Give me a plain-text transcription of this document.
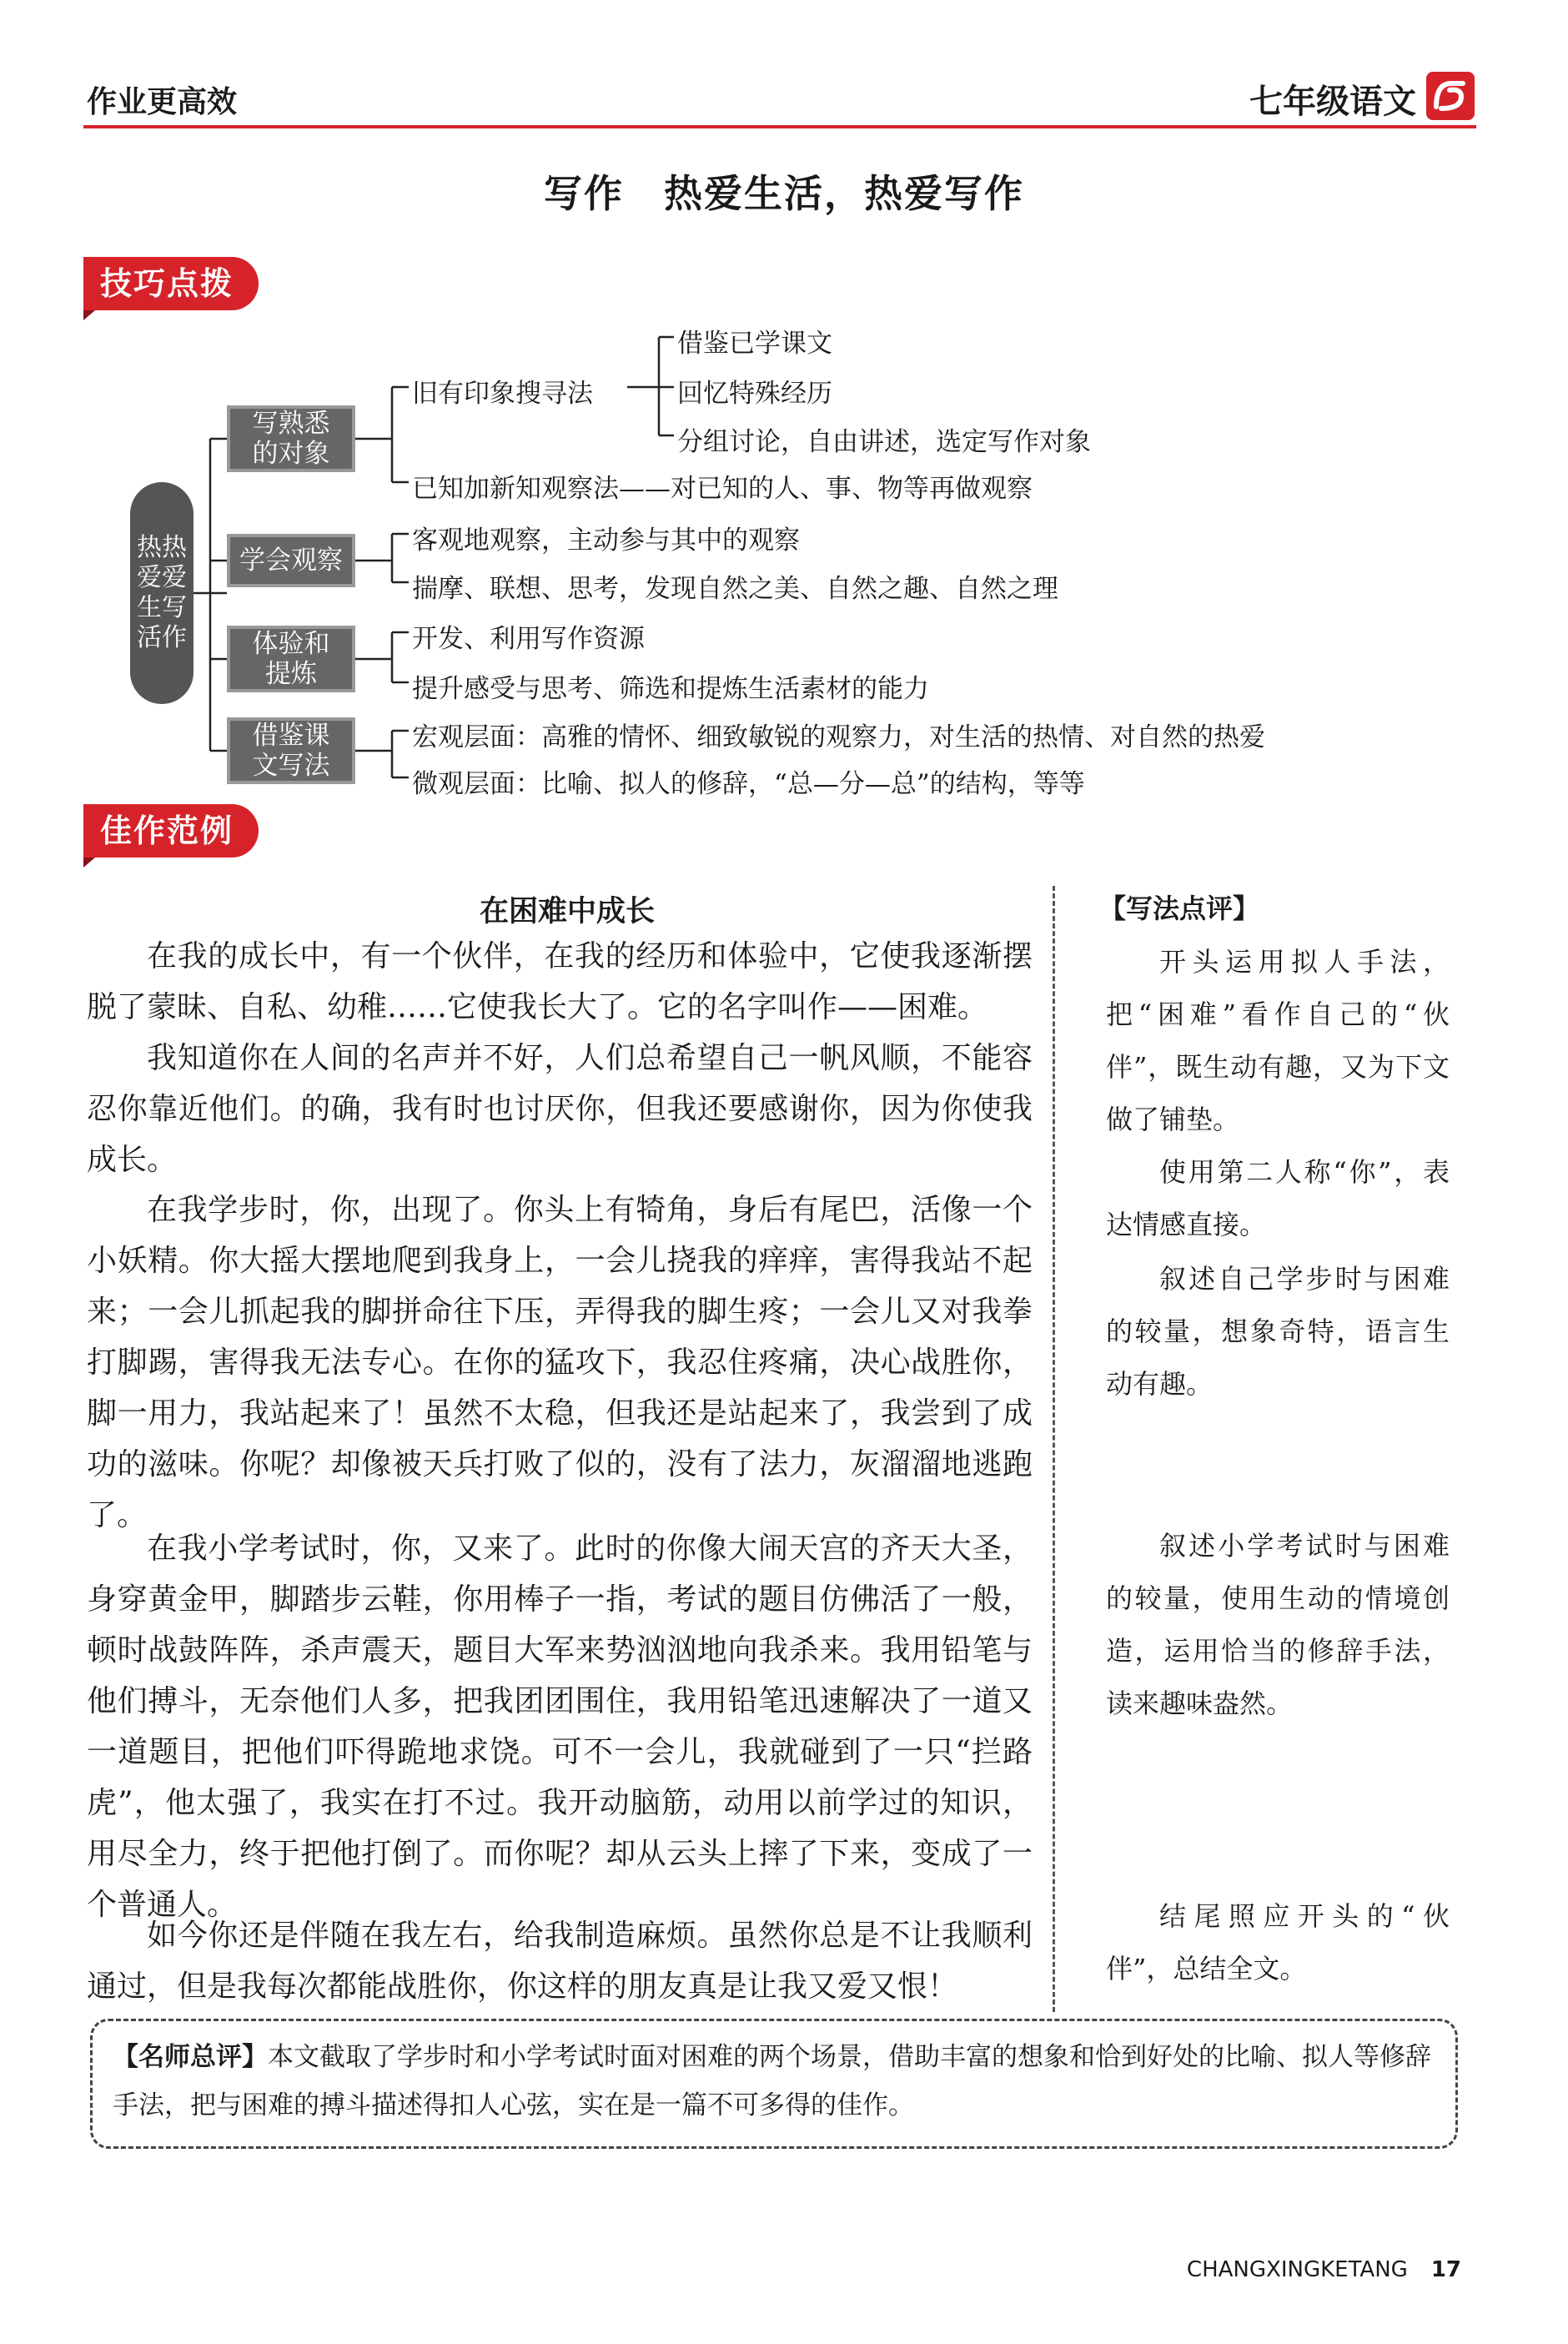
作业更高效	七年级语文
写作　热爱生活，热爱写作
技巧点拨
热热
爱爱
生写
活作
写熟悉
的对象
学会观察
体验和
提炼
借鉴课
文写法
旧有印象搜寻法
借鉴已学课文
回忆特殊经历
分组讨论，自由讲述，选定写作对象
已知加新知观察法——对已知的人、事、物等再做观察
客观地观察，主动参与其中的观察
揣摩、联想、思考，发现自然之美、自然之趣、自然之理
开发、利用写作资源
提升感受与思考、筛选和提炼生活素材的能力
宏观层面：高雅的情怀、细致敏锐的观察力，对生活的热情、对自然的热爱
微观层面：比喻、拟人的修辞，“总—分—总”的结构，等等
佳作范例
在困难中成长
在我的成长中，有一个伙伴，在我的经历和体验中，它使我逐渐摆脱了蒙昧、自私、幼稚……它使我长大了。它的名字叫作——困难。
我知道你在人间的名声并不好，人们总希望自己一帆风顺，不能容忍你靠近他们。的确，我有时也讨厌你，但我还要感谢你，因为你使我成长。
在我学步时，你，出现了。你头上有犄角，身后有尾巴，活像一个小妖精。你大摇大摆地爬到我身上，一会儿挠我的痒痒，害得我站不起来；一会儿抓起我的脚拼命往下压，弄得我的脚生疼；一会儿又对我拳打脚踢，害得我无法专心。在你的猛攻下，我忍住疼痛，决心战胜你，脚一用力，我站起来了！虽然不太稳，但我还是站起来了，我尝到了成功的滋味。你呢？却像被天兵打败了似的，没有了法力，灰溜溜地逃跑了。
在我小学考试时，你，又来了。此时的你像大闹天宫的齐天大圣，身穿黄金甲，脚踏步云鞋，你用棒子一指，考试的题目仿佛活了一般，顿时战鼓阵阵，杀声震天，题目大军来势汹汹地向我杀来。我用铅笔与他们搏斗，无奈他们人多，把我团团围住，我用铅笔迅速解决了一道又一道题目，把他们吓得跪地求饶。可不一会儿，我就碰到了一只“拦路虎”，他太强了，我实在打不过。我开动脑筋，动用以前学过的知识，用尽全力，终于把他打倒了。而你呢？却从云头上摔了下来，变成了一个普通人。
如今你还是伴随在我左右，给我制造麻烦。虽然你总是不让我顺利通过，但是我每次都能战胜你，你这样的朋友真是让我又爱又恨！
【写法点评】
开头运用拟人手法，把“困难”看作自己的“伙伴”，既生动有趣，又为下文做了铺垫。
使用第二人称“你”，表达情感直接。
叙述自己学步时与困难的较量，想象奇特，语言生动有趣。
叙述小学考试时与困难的较量，使用生动的情境创造，运用恰当的修辞手法，读来趣味盎然。
结尾照应开头的“伙伴”，总结全文。
【名师总评】本文截取了学步时和小学考试时面对困难的两个场景，借助丰富的想象和恰到好处的比喻、拟人等修辞手法，把与困难的搏斗描述得扣人心弦，实在是一篇不可多得的佳作。
CHANGXINGKETANG 17
